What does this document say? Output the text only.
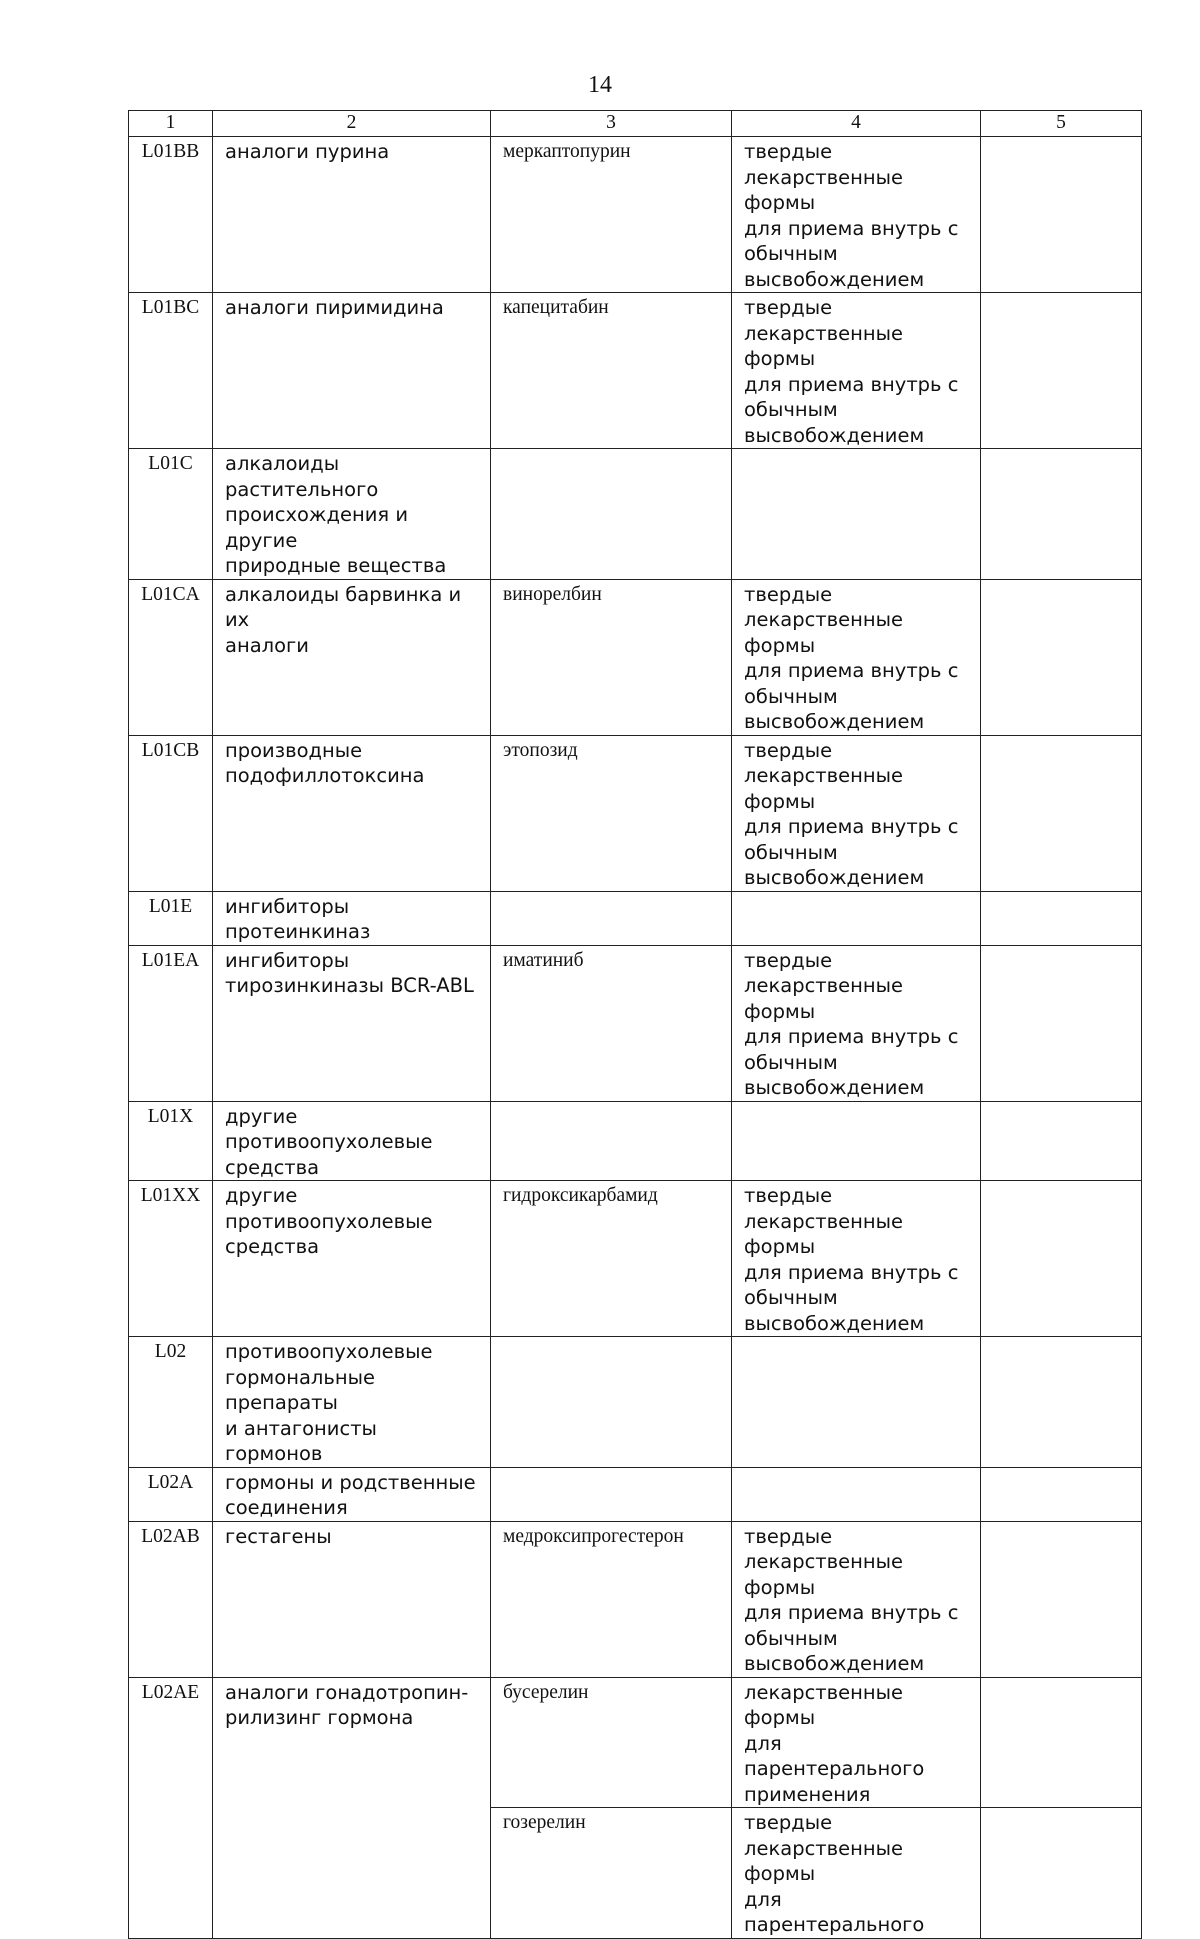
14
1	2	3	4	5
L01BB	аналоги пурина	меркаптопурин	твердые
лекарственные формы
для приема внутрь с
обычным
высвобождением	
L01BC	аналоги пиримидина	капецитабин	твердые
лекарственные формы
для приема внутрь с
обычным
высвобождением	
L01C	алкалоиды растительного
происхождения и другие
природные вещества			
L01CA	алкалоиды барвинка и их
аналоги	винорелбин	твердые
лекарственные формы
для приема внутрь с
обычным
высвобождением	
L01CB	производные
подофиллотоксина	этопозид	твердые
лекарственные формы
для приема внутрь с
обычным
высвобождением	
L01E	ингибиторы
протеинкиназ			
L01EA	ингибиторы
тирозинкиназы BCR-ABL	иматиниб	твердые
лекарственные формы
для приема внутрь с
обычным
высвобождением	
L01X	другие
противоопухолевые
средства			
L01XX	другие
противоопухолевые
средства	гидроксикарбамид	твердые
лекарственные формы
для приема внутрь с
обычным
высвобождением	
L02	противоопухолевые
гормональные препараты
и антагонисты гормонов			
L02A	гормоны и родственные
соединения			
L02AB	гестагены	медроксипрогестерон	твердые
лекарственные формы
для приема внутрь с
обычным
высвобождением	
L02AE	аналоги гонадотропин-
рилизинг гормона	бусерелин	лекарственные формы
для парентерального
применения	
		гозерелин	твердые
лекарственные формы
для парентерального	
